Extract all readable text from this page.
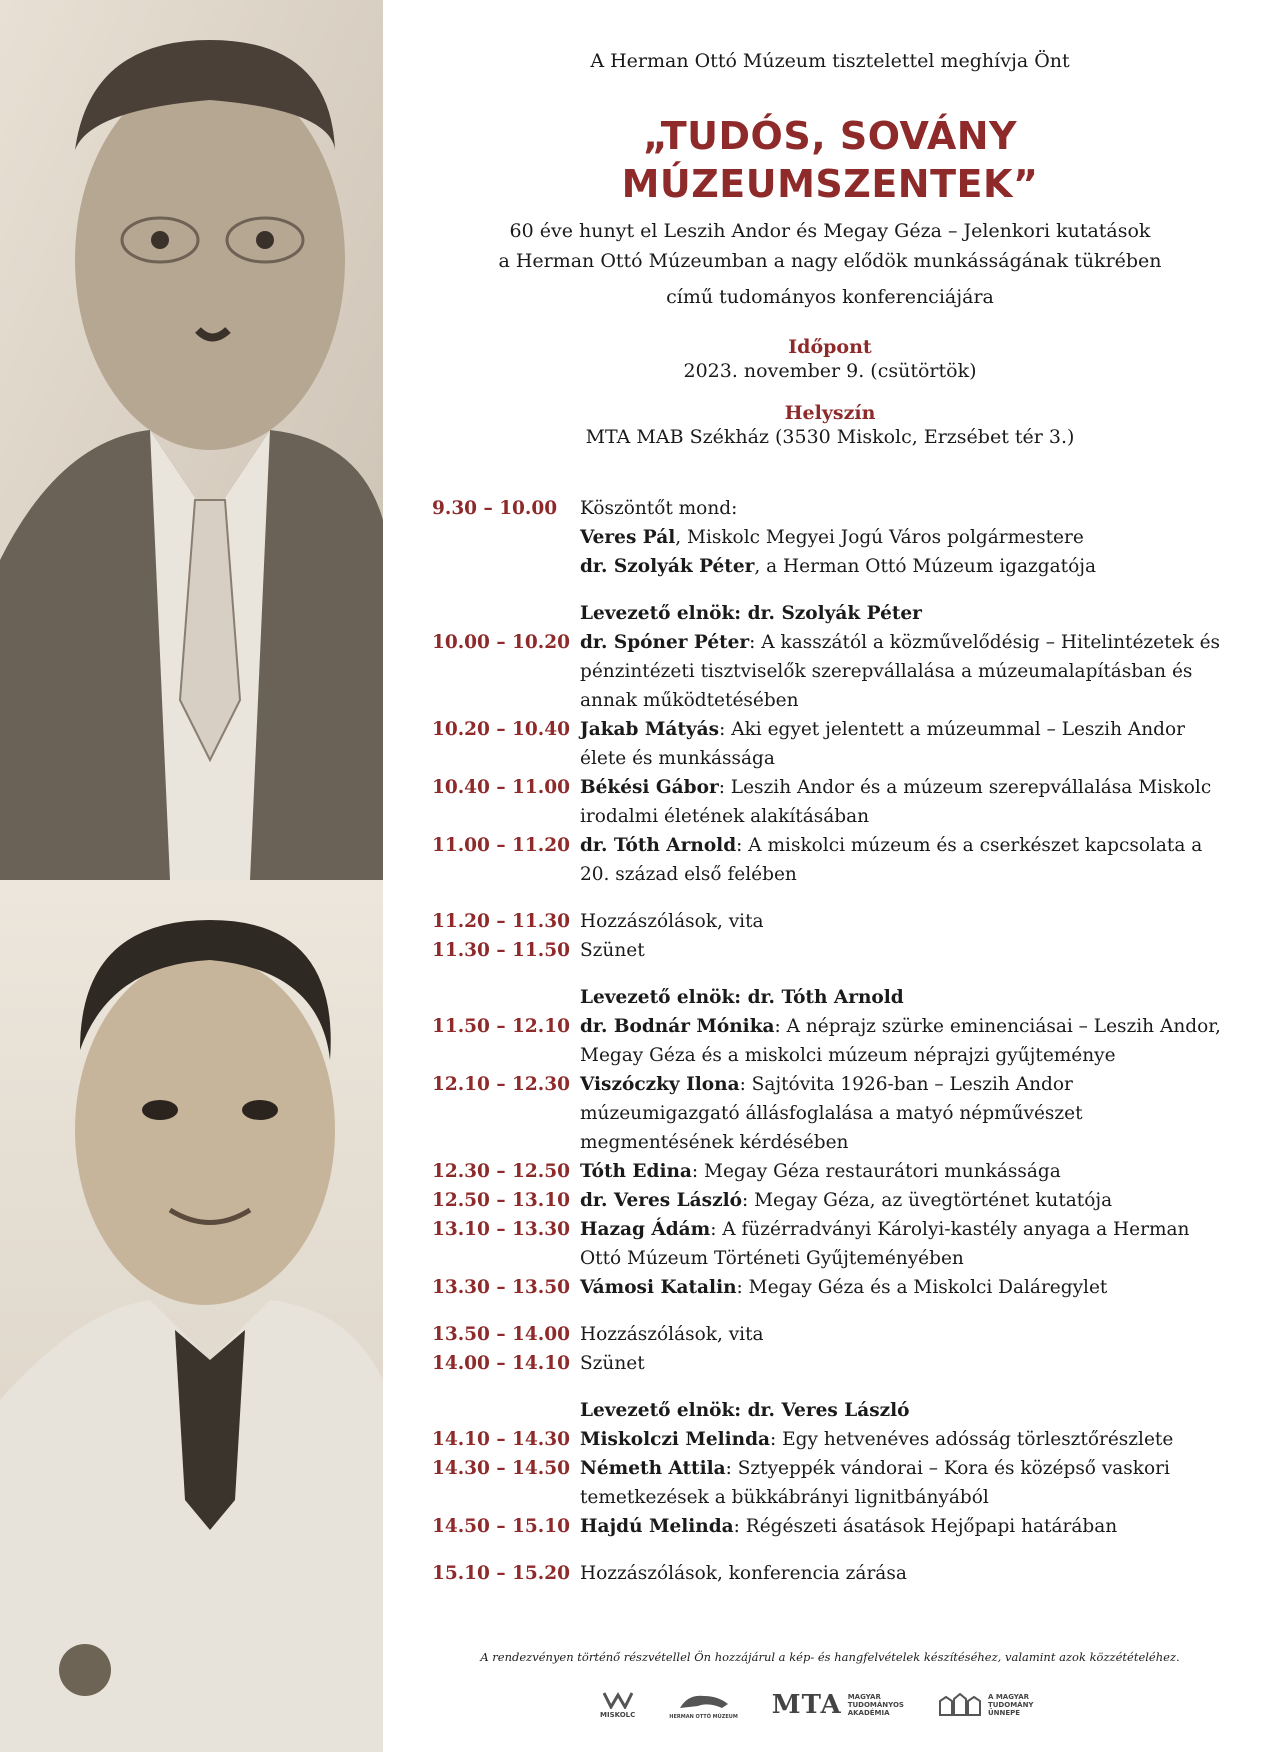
A Herman Ottó Múzeum tisztelettel meghívja Önt
„TUDÓS, SOVÁNY
MÚZEUMSZENTEK”
60 éve hunyt el Leszih Andor és Megay Géza – Jelenkori kutatások
a Herman Ottó Múzeumban a nagy elődök munkásságának tükrében
című tudományos konferenciájára
Időpont
2023. november 9. (csütörtök)
Helyszín
MTA MAB Székház (3530 Miskolc, Erzsébet tér 3.)
9.30 – 10.00	Köszöntőt mond:
Veres Pál, Miskolc Megyei Jogú Város polgármestere
dr. Szolyák Péter, a Herman Ottó Múzeum igazgatója
Levezető elnök: dr. Szolyák Péter
10.00 – 10.20 dr. Spóner Péter: A kasszától a közművelődésig – Hitelintézetek és pénzintézeti tisztviselők szerepvállalása a múzeumalapításban és annak működtetésében
10.20 – 10.40 Jakab Mátyás: Aki egyet jelentett a múzeummal – Leszih Andor élete és munkássága
10.40 – 11.00 Békési Gábor: Leszih Andor és a múzeum szerepvállalása Miskolc irodalmi életének alakításában
11.00 – 11.20 dr. Tóth Arnold: A miskolci múzeum és a cserkészet kapcsolata a 20. század első felében
11.20 – 11.30 Hozzászólások, vita
11.30 – 11.50 Szünet
Levezető elnök: dr. Tóth Arnold
11.50 – 12.10 dr. Bodnár Mónika: A néprajz szürke eminenciásai – Leszih Andor, Megay Géza és a miskolci múzeum néprajzi gyűjteménye
12.10 – 12.30 Viszóczky Ilona: Sajtóvita 1926-ban – Leszih Andor múzeumigazgató állásfoglalása a matyó népművészet megmentésének kérdésében
12.30 – 12.50 Tóth Edina: Megay Géza restaurátori munkássága
12.50 – 13.10 dr. Veres László: Megay Géza, az üvegtörténet kutatója
13.10 – 13.30 Hazag Ádám: A füzérradványi Károlyi-kastély anyaga a Herman Ottó Múzeum Történeti Gyűjteményében
13.30 – 13.50 Vámosi Katalin: Megay Géza és a Miskolci Daláregylet
13.50 – 14.00 Hozzászólások, vita
14.00 – 14.10 Szünet
Levezető elnök: dr. Veres László
14.10 – 14.30 Miskolczi Melinda: Egy hetvenéves adósság törlesztőrészlete
14.30 – 14.50 Németh Attila: Sztyeppék vándorai – Kora és középső vaskori temetkezések a bükkábrányi lignitbányából
14.50 – 15.10 Hajdú Melinda: Régészeti ásatások Hejőpapi határában
15.10 – 15.20 Hozzászólások, konferencia zárása
A rendezvényen történő részvétellel Ön hozzájárul a kép- és hangfelvételek készítéséhez, valamint azok közzétételéhez.
MISKOLC	HERMAN OTTÓ MÚZEUM MTA MAGYAR
TUDOMÁNYOS
AKADÉMIA
A MAGYAR
TUDOMÁNY
ÜNNEPE
